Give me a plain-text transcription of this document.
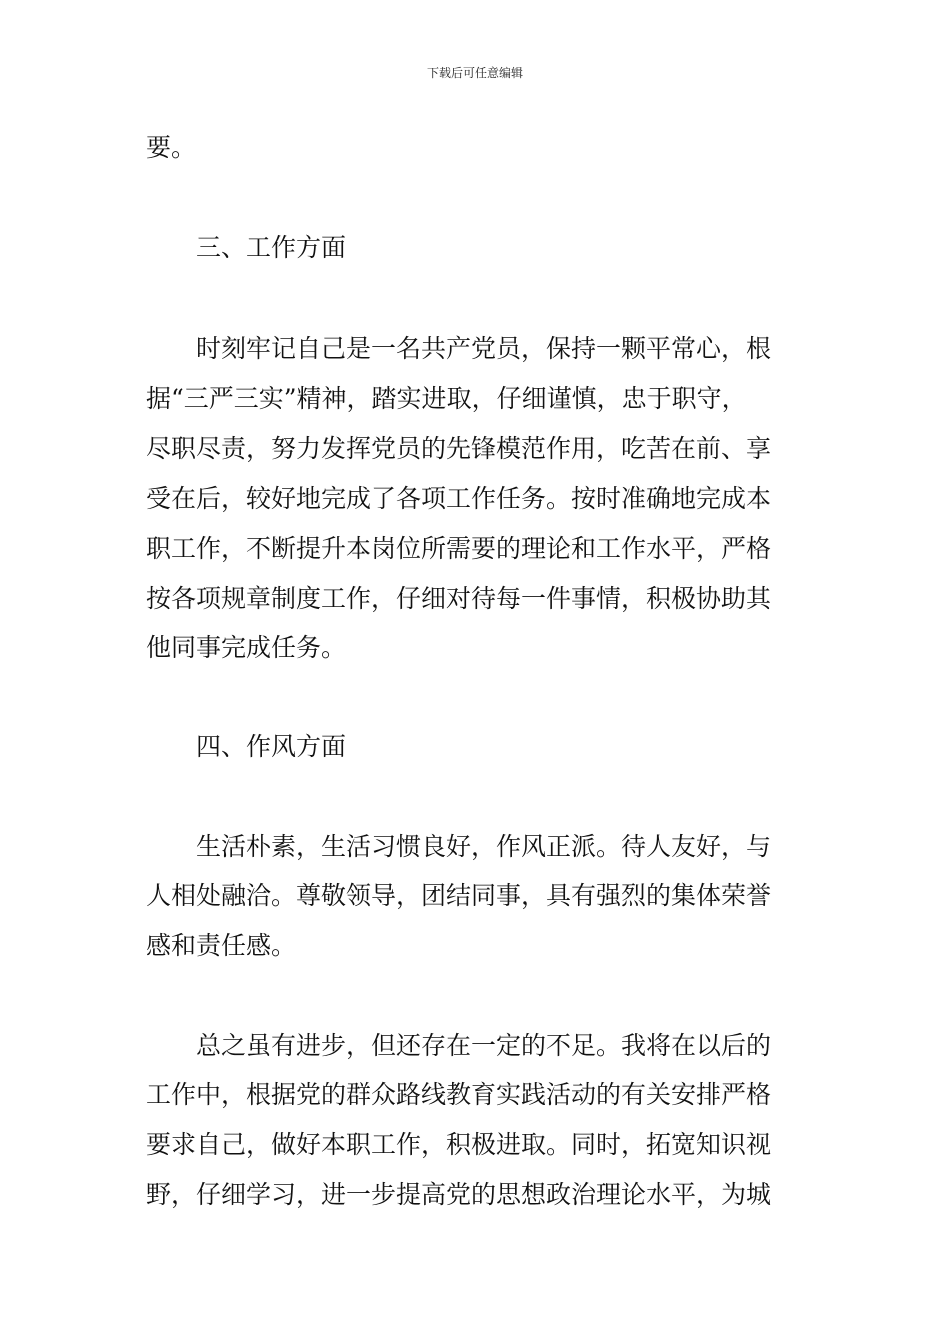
下载后可任意编辑
要。
三、工作方面
时刻牢记自己是一名共产党员，保持一颗平常心，根
据“三严三实”精神，踏实进取，仔细谨慎，忠于职守，
尽职尽责，努力发挥党员的先锋模范作用，吃苦在前、享
受在后，较好地完成了各项工作任务。按时准确地完成本
职工作，不断提升本岗位所需要的理论和工作水平，严格
按各项规章制度工作，仔细对待每一件事情，积极协助其
他同事完成任务。
四、作风方面
生活朴素，生活习惯良好，作风正派。待人友好，与
人相处融洽。尊敬领导，团结同事，具有强烈的集体荣誉
感和责任感。
总之虽有进步，但还存在一定的不足。我将在以后的
工作中，根据党的群众路线教育实践活动的有关安排严格
要求自己，做好本职工作，积极进取。同时，拓宽知识视
野，仔细学习，进一步提高党的思想政治理论水平，为城
